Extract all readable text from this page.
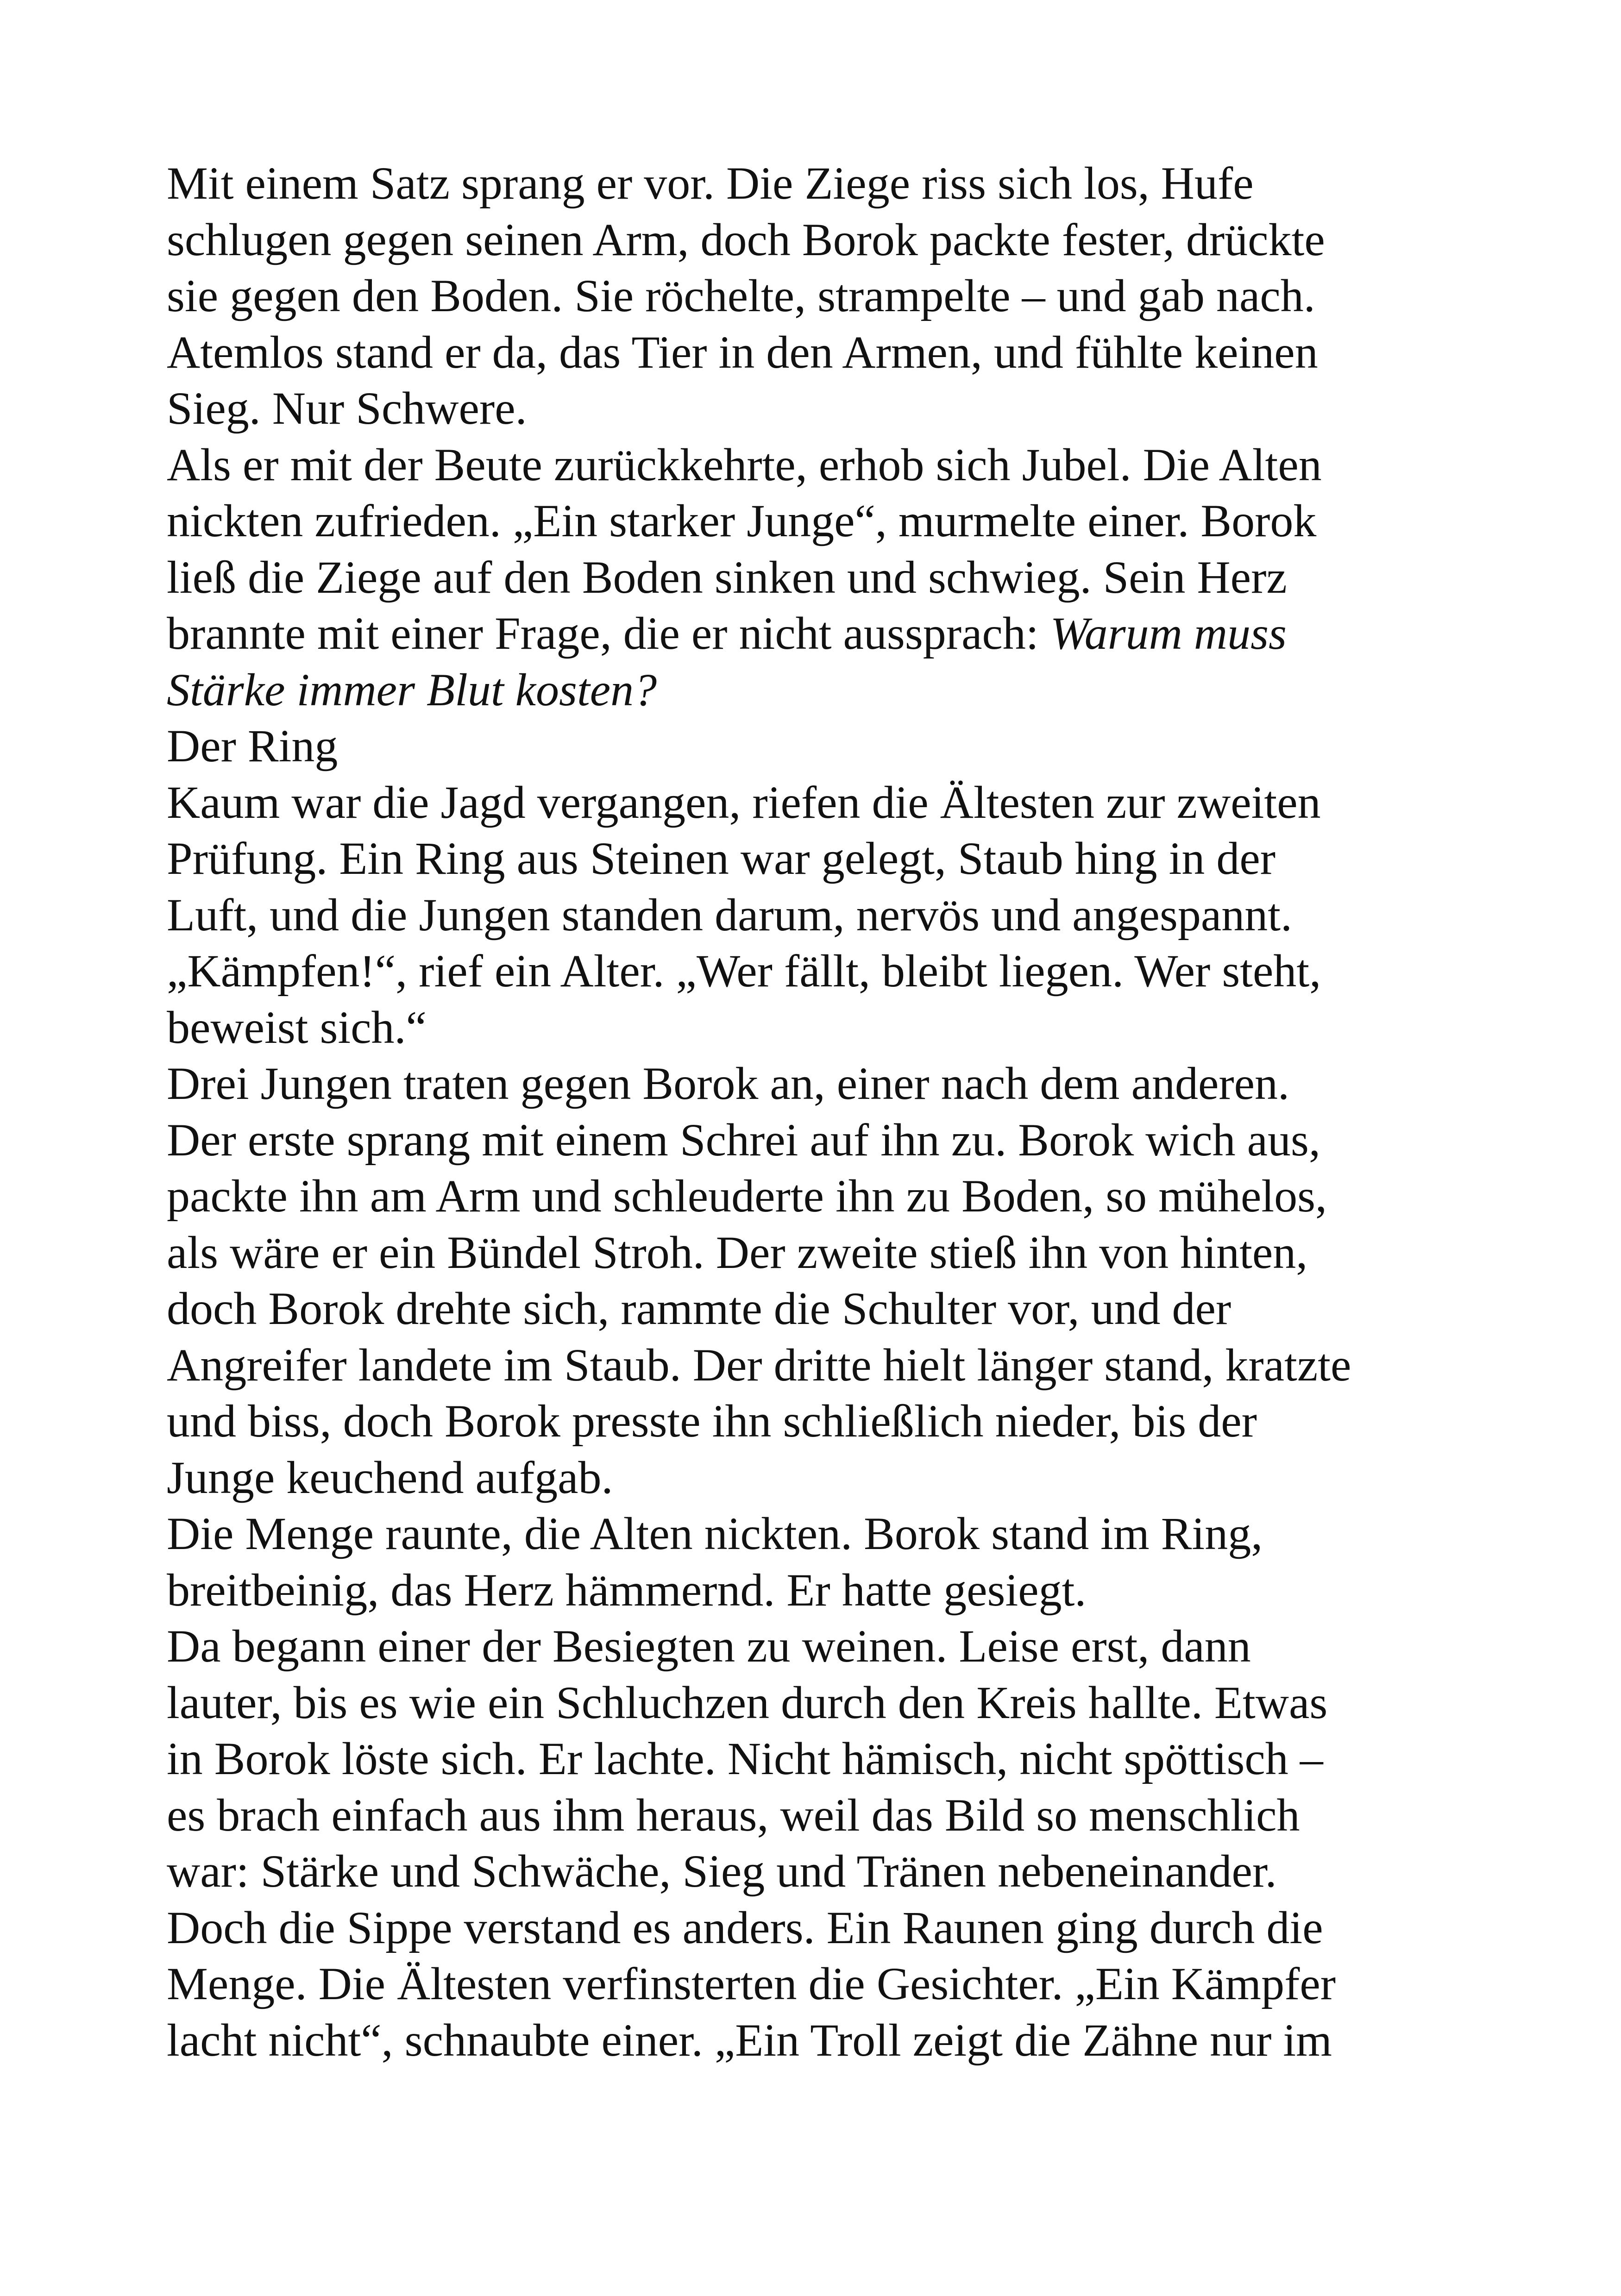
Mit einem Satz sprang er vor. Die Ziege riss sich los, Hufe
schlugen gegen seinen Arm, doch Borok packte fester, drückte
sie gegen den Boden. Sie röchelte, strampelte – und gab nach.
Atemlos stand er da, das Tier in den Armen, und fühlte keinen
Sieg. Nur Schwere.
Als er mit der Beute zurückkehrte, erhob sich Jubel. Die Alten
nickten zufrieden. „Ein starker Junge“, murmelte einer. Borok
ließ die Ziege auf den Boden sinken und schwieg. Sein Herz
brannte mit einer Frage, die er nicht aussprach: Warum muss
Stärke immer Blut kosten?
Der Ring
Kaum war die Jagd vergangen, riefen die Ältesten zur zweiten
Prüfung. Ein Ring aus Steinen war gelegt, Staub hing in der
Luft, und die Jungen standen darum, nervös und angespannt.
„Kämpfen!“, rief ein Alter. „Wer fällt, bleibt liegen. Wer steht,
beweist sich.“
Drei Jungen traten gegen Borok an, einer nach dem anderen.
Der erste sprang mit einem Schrei auf ihn zu. Borok wich aus,
packte ihn am Arm und schleuderte ihn zu Boden, so mühelos,
als wäre er ein Bündel Stroh. Der zweite stieß ihn von hinten,
doch Borok drehte sich, rammte die Schulter vor, und der
Angreifer landete im Staub. Der dritte hielt länger stand, kratzte
und biss, doch Borok presste ihn schließlich nieder, bis der
Junge keuchend aufgab.
Die Menge raunte, die Alten nickten. Borok stand im Ring,
breitbeinig, das Herz hämmernd. Er hatte gesiegt.
Da begann einer der Besiegten zu weinen. Leise erst, dann
lauter, bis es wie ein Schluchzen durch den Kreis hallte. Etwas
in Borok löste sich. Er lachte. Nicht hämisch, nicht spöttisch –
es brach einfach aus ihm heraus, weil das Bild so menschlich
war: Stärke und Schwäche, Sieg und Tränen nebeneinander.
Doch die Sippe verstand es anders. Ein Raunen ging durch die
Menge. Die Ältesten verfinsterten die Gesichter. „Ein Kämpfer
lacht nicht“, schnaubte einer. „Ein Troll zeigt die Zähne nur im
